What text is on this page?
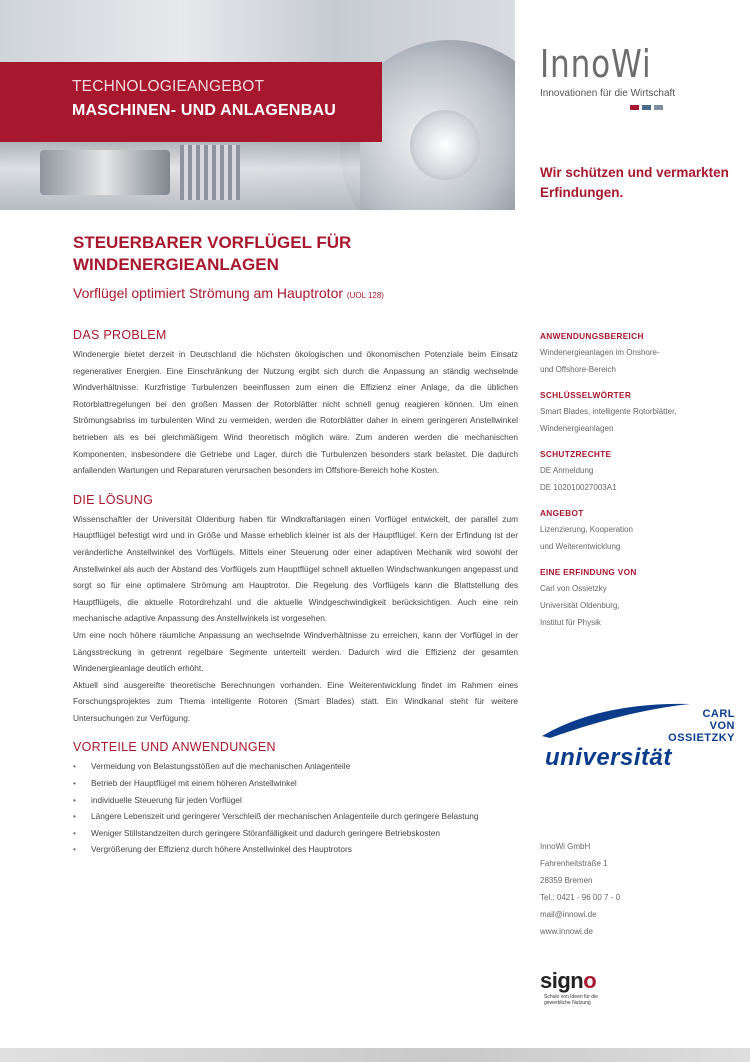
TECHNOLOGIEANGEBOT
MASCHINEN- UND ANLAGENBAU
InnoWi
Innovationen für die Wirtschaft
Wir schützen und vermarkten Erfindungen.
STEUERBARER VORFLÜGEL FÜR WINDENERGIEANLAGEN
Vorflügel optimiert Strömung am Hauptrotor (UOL 128)
DAS PROBLEM
Windenergie bietet derzeit in Deutschland die höchsten ökologischen und ökonomischen Potenziale beim Einsatz regenerativer Energien. Eine Einschränkung der Nutzung ergibt sich durch die Anpassung an ständig wechselnde Windverhältnisse. Kurzfristige Turbulenzen beeinflussen zum einen die Effizienz einer Anlage, da die üblichen Rotorblattregelungen bei den großen Massen der Rotorblätter nicht schnell genug reagieren können. Um einen Strömungsabriss im turbulenten Wind zu vermeiden, werden die Rotorblätter daher in einem geringeren Anstellwinkel betrieben als es bei gleichmäßigem Wind theoretisch möglich wäre. Zum anderen werden die mechanischen Komponenten, insbesondere die Getriebe und Lager, durch die Turbulenzen besonders stark belastet. Die dadurch anfallenden Wartungen und Reparaturen verursachen besonders im Offshore-Bereich hohe Kosten.
DIE LÖSUNG
Wissenschaftler der Universität Oldenburg haben für Windkraftanlagen einen Vorflügel entwickelt, der parallel zum Hauptflügel befestigt wird und in Größe und Masse erheblich kleiner ist als der Hauptflügel. Kern der Erfindung ist der veränderliche Anstellwinkel des Vorflügels. Mittels einer Steuerung oder einer adaptiven Mechanik wird sowohl der Anstellwinkel als auch der Abstand des Vorflügels zum Hauptflügel schnell aktuellen Windschwankungen angepasst und sorgt so für eine optimalere Strömung am Hauptrotor. Die Regelung des Vorflügels kann die Blattstellung des Hauptflügels, die aktuelle Rotordrehzahl und die aktuelle Windgeschwindigkeit berücksichtigen. Auch eine rein mechanische adaptive Anpassung des Anstellwinkels ist vorgesehen.
Um eine noch höhere räumliche Anpassung an wechselnde Windverhältnisse zu erreichen, kann der Vorflügel in der Längsstreckung in getrennt regelbare Segmente unterteilt werden. Dadurch wird die Effizienz der gesamten Windenergieanlage deutlich erhöht.
Aktuell sind ausgereifte theoretische Berechnungen vorhanden. Eine Weiterentwicklung findet im Rahmen eines Forschungsprojektes zum Thema intelligente Rotoren (Smart Blades) statt. Ein Windkanal steht für weitere Untersuchungen zur Verfügung.
VORTEILE UND ANWENDUNGEN
• Vermeidung von Belastungsstößen auf die mechanischen Anlagenteile
• Betrieb der Hauptflügel mit einem höheren Anstellwinkel
• individuelle Steuerung für jeden Vorflügel
• Längere Lebenszeit und geringerer Verschleiß der mechanischen Anlagenteile durch geringere Belastung
• Weniger Stillstandzeiten durch geringere Störanfälligkeit und dadurch geringere Betriebskosten
• Vergrößerung der Effizienz durch höhere Anstellwinkel des Hauptrotors
ANWENDUNGSBEREICH
Windenergieanlagen im Onshore-
und Offshore-Bereich
SCHLÜSSELWÖRTER
Smart Blades, intelligente Rotorblätter,
Windenergieanlagen
SCHUTZRECHTE
DE Anmeldung
DE 102010027003A1
ANGEBOT
Lizenzierung, Kooperation
und Weiterentwicklung
EINE ERFINDUNG VON
Carl von Ossietzky
Universität Oldenburg,
Institut für Physik
CARL
VON
OSSIETZKY
universität
InnoWi GmbH
Fahrenheitstraße 1
28359 Bremen
Tel.: 0421 - 96 00 7 - 0
mail@innowi.de
www.innowi.de
signo
Schutz von Ideen für die gewerbliche Nutzung
